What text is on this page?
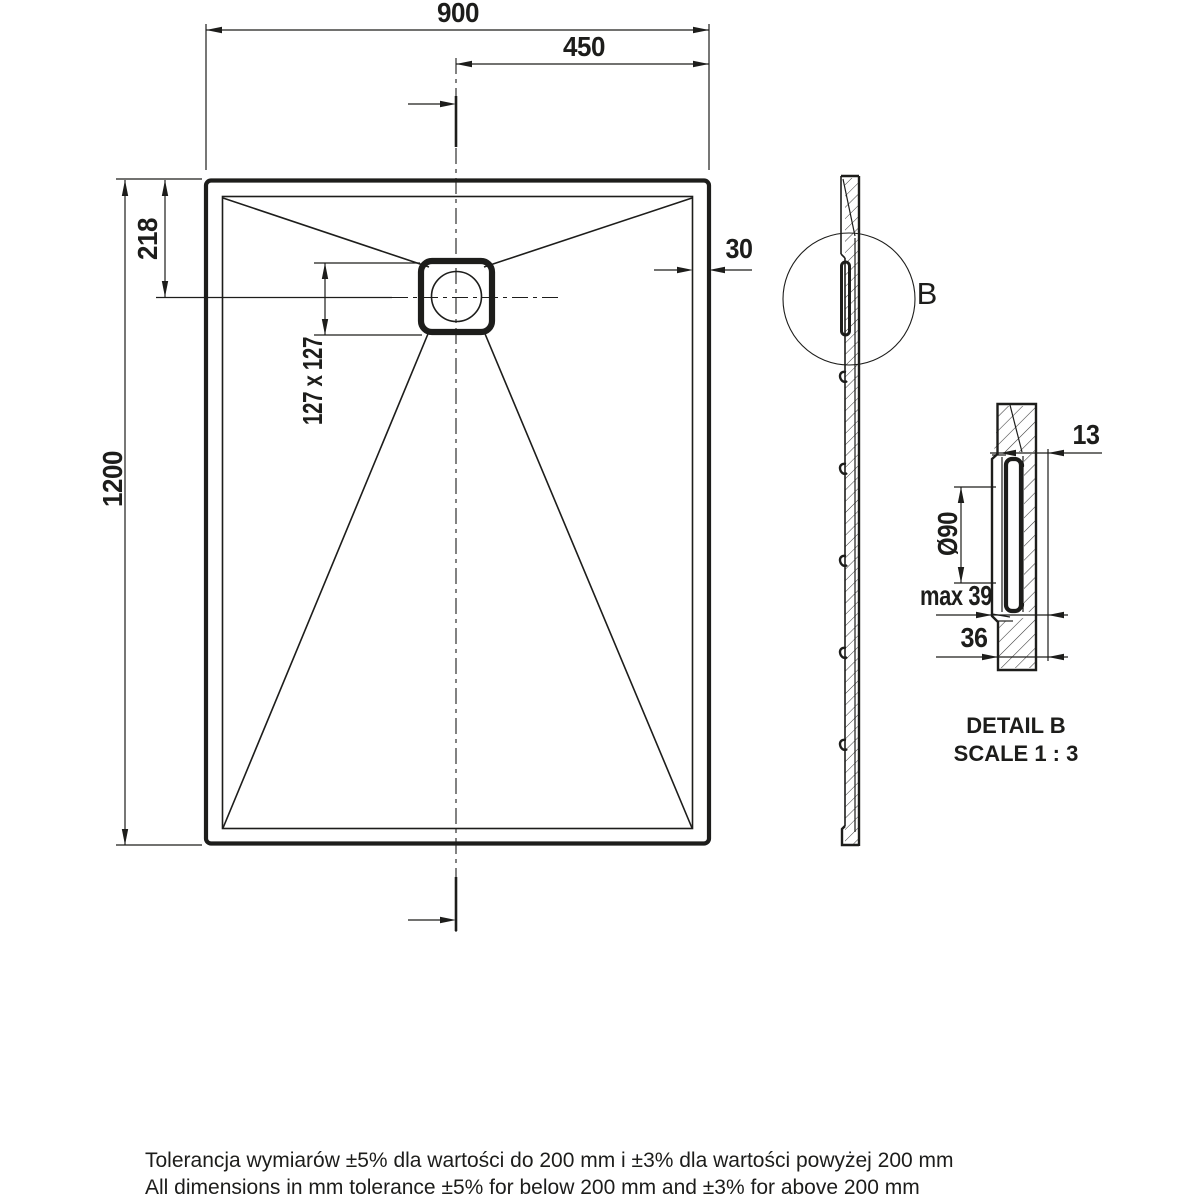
900
450
218
1200
127 x 127
30
B
13
Ø90
max 39
36
DETAIL B
SCALE 1 : 3
Tolerancja wymiarów ±5% dla wartości do 200 mm i ±3% dla wartości powyżej 200 mm
All dimensions in mm tolerance ±5% for below 200 mm and ±3% for above 200 mm
